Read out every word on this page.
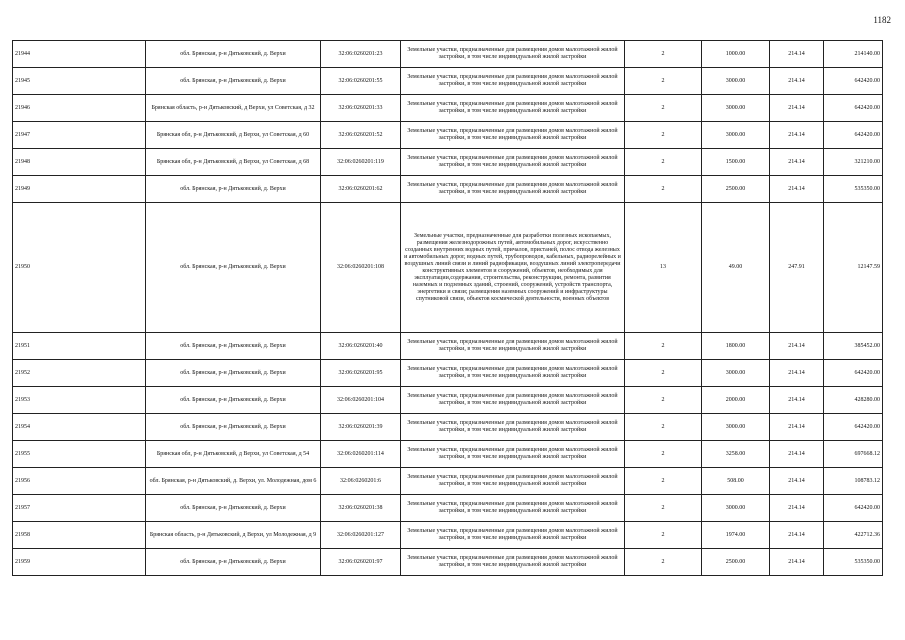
1182
21944	обл. Брянская, р-н Дятьковский, д. Верхи	32:06:0260201:23	Земельные участки, предназначенные для размещения домов малоэтажной жилой застройки, в том числе индивидуальной жилой застройки	2	1000.00	214.14	214140.00
21945	обл. Брянская, р-н Дятьковский, д. Верхи	32:06:0260201:55	Земельные участки, предназначенные для размещения домов малоэтажной жилой застройки, в том числе индивидуальной жилой застройки	2	3000.00	214.14	642420.00
21946	Брянская область, р-н Дятьковский, д Верхи, ул Советская, д 32	32:06:0260201:33	Земельные участки, предназначенные для размещения домов малоэтажной жилой застройки, в том числе индивидуальной жилой застройки	2	3000.00	214.14	642420.00
21947	Брянская обл, р-н Дятьковский, д Верхи, ул Советская, д 60	32:06:0260201:52	Земельные участки, предназначенные для размещения домов малоэтажной жилой застройки, в том числе индивидуальной жилой застройки	2	3000.00	214.14	642420.00
21948	Брянская обл, р-н Дятьковский, д Верхи, ул Советская, д 68	32:06:0260201:119	Земельные участки, предназначенные для размещения домов малоэтажной жилой застройки, в том числе индивидуальной жилой застройки	2	1500.00	214.14	321210.00
21949	обл. Брянская, р-н Дятьковский, д. Верхи	32:06:0260201:62	Земельные участки, предназначенные для размещения домов малоэтажной жилой застройки, в том числе индивидуальной жилой застройки	2	2500.00	214.14	535350.00
21950	обл. Брянская, р-н Дятьковский, д. Верхи	32:06:0260201:108	Земельные участки, предназначенные для разработки полезных ископаемых, размещения железнодорожных путей, автомобильных дорог, искусственно созданных внутренних водных путей, причалов, пристаней, полос отвода железных и автомобильных дорог, водных путей, трубопроводов, кабельных, радиорелейных и воздушных линий связи и линий радиофикации, воздушных линий электропередачи конструктивных элементов и сооружений, объектов, необходимых для эксплуатации,содержания, строительства, реконструкции, ремонта, развития наземных и подземных зданий, строений, сооружений, устройств транспорта, энергетики и связи; размещения наземных сооружений и инфраструктуры спутниковой связи, объектов космической деятельности, военных объектов	13	49.00	247.91	12147.59
21951	обл. Брянская, р-н Дятьковский, д. Верхи	32:06:0260201:40	Земельные участки, предназначенные для размещения домов малоэтажной жилой застройки, в том числе индивидуальной жилой застройки	2	1800.00	214.14	385452.00
21952	обл. Брянская, р-н Дятьковский, д. Верхи	32:06:0260201:95	Земельные участки, предназначенные для размещения домов малоэтажной жилой застройки, в том числе индивидуальной жилой застройки	2	3000.00	214.14	642420.00
21953	обл. Брянская, р-н Дятьковский, д. Верхи	32:06:0260201:104	Земельные участки, предназначенные для размещения домов малоэтажной жилой застройки, в том числе индивидуальной жилой застройки	2	2000.00	214.14	428280.00
21954	обл. Брянская, р-н Дятьковский, д. Верхи	32:06:0260201:39	Земельные участки, предназначенные для размещения домов малоэтажной жилой застройки, в том числе индивидуальной жилой застройки	2	3000.00	214.14	642420.00
21955	Брянская обл, р-н Дятьковский, д Верхи, ул Советская, д 54	32:06:0260201:114	Земельные участки, предназначенные для размещения домов малоэтажной жилой застройки, в том числе индивидуальной жилой застройки	2	3258.00	214.14	697668.12
21956	обл. Брянская, р-н Дятьковский, д. Верхи, ул. Молодежная, дом 6	32:06:0260201:6	Земельные участки, предназначенные для размещения домов малоэтажной жилой застройки, в том числе индивидуальной жилой застройки	2	508.00	214.14	108783.12
21957	обл. Брянская, р-н Дятьковский, д. Верхи	32:06:0260201:38	Земельные участки, предназначенные для размещения домов малоэтажной жилой застройки, в том числе индивидуальной жилой застройки	2	3000.00	214.14	642420.00
21958	Брянская область, р-н Дятьковский, д Верхи, ул Молодежная, д 9	32:06:0260201:127	Земельные участки, предназначенные для размещения домов малоэтажной жилой застройки, в том числе индивидуальной жилой застройки	2	1974.00	214.14	422712.36
21959	обл. Брянская, р-н Дятьковский, д. Верхи	32:06:0260201:97	Земельные участки, предназначенные для размещения домов малоэтажной жилой застройки, в том числе индивидуальной жилой застройки	2	2500.00	214.14	535350.00
